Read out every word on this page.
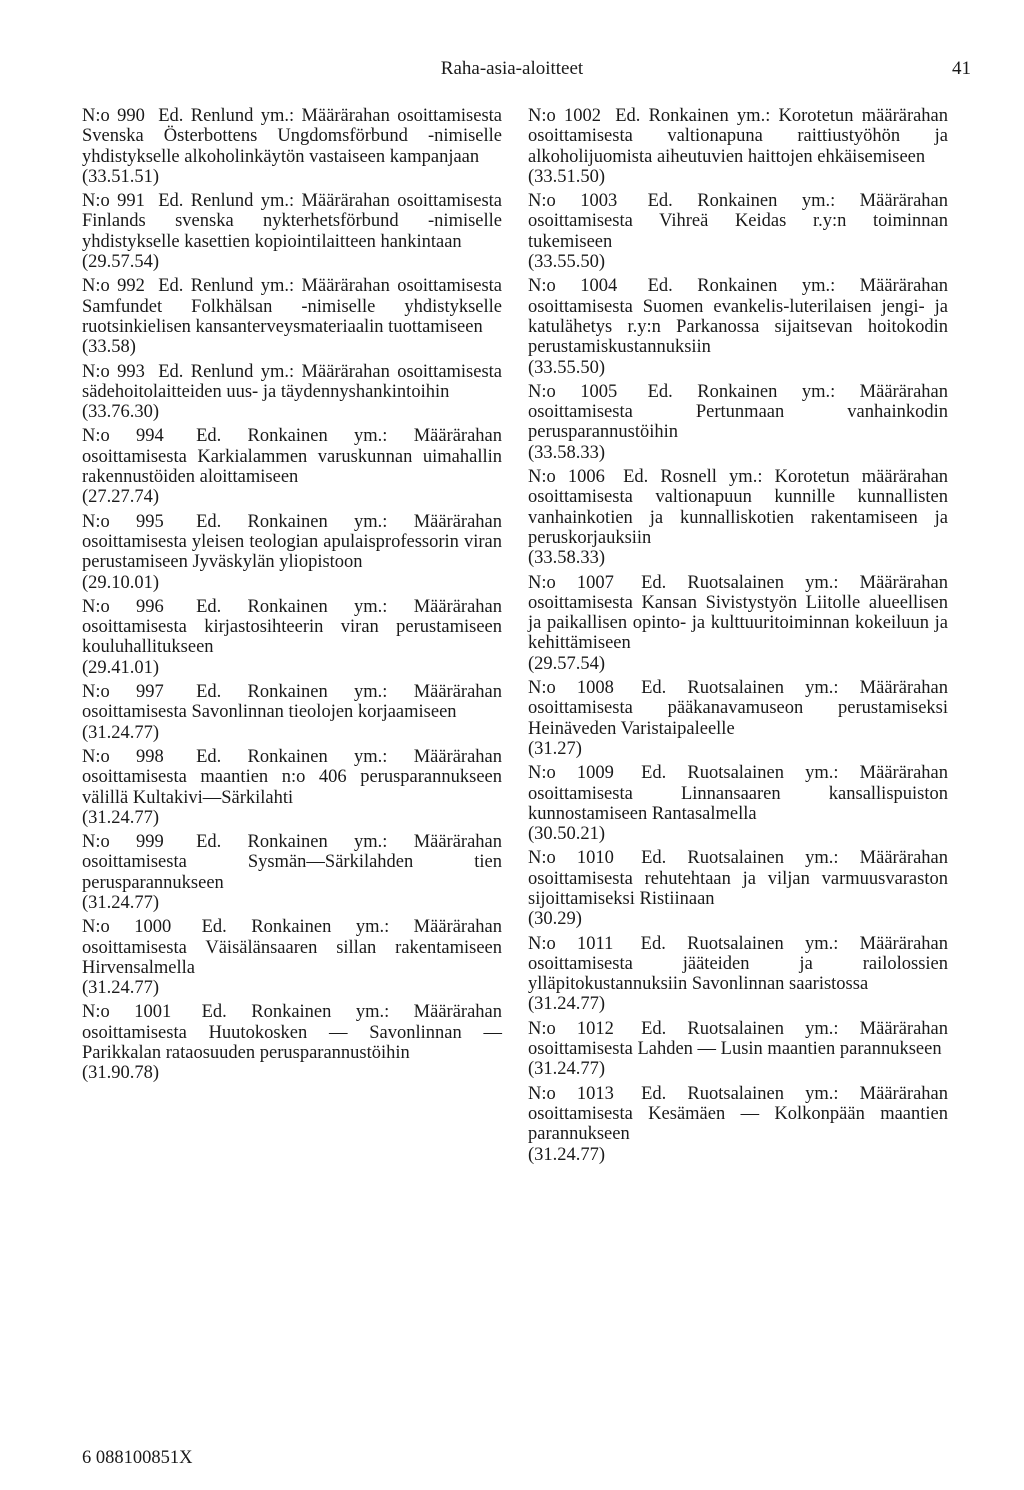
Raha-asia-aloitteet	41
N:o 990 Ed. Renlund ym.: Määrärahan osoittamisesta Svenska Österbottens Ungdomsförbund -nimiselle yhdistykselle alkoholinkäytön vastaiseen kampanjaan
(33.51.51)
N:o 991 Ed. Renlund ym.: Määrärahan osoittamisesta Finlands svenska nykterhetsförbund -nimiselle yhdistykselle kasettien kopiointilaitteen hankintaan
(29.57.54)
N:o 992 Ed. Renlund ym.: Määrärahan osoittamisesta Samfundet Folkhälsan -nimiselle yhdistykselle ruotsinkielisen kansanterveysmateriaalin tuottamiseen
(33.58)
N:o 993 Ed. Renlund ym.: Määrärahan osoittamisesta sädehoitolaitteiden uus- ja täydennyshankintoihin
(33.76.30)
N:o 994 Ed. Ronkainen ym.: Määrärahan osoittamisesta Karkialammen varuskunnan uimahallin rakennustöiden aloittamiseen
(27.27.74)
N:o 995 Ed. Ronkainen ym.: Määrärahan osoittamisesta yleisen teologian apulaisprofessorin viran perustamiseen Jyväskylän yliopistoon
(29.10.01)
N:o 996 Ed. Ronkainen ym.: Määrärahan osoittamisesta kirjastosihteerin viran perustamiseen kouluhallitukseen
(29.41.01)
N:o 997 Ed. Ronkainen ym.: Määrärahan osoittamisesta Savonlinnan tieolojen korjaamiseen
(31.24.77)
N:o 998 Ed. Ronkainen ym.: Määrärahan osoittamisesta maantien n:o 406 perusparannukseen välillä Kultakivi—Särkilahti
(31.24.77)
N:o 999 Ed. Ronkainen ym.: Määrärahan osoittamisesta Sysmän—Särkilahden tien perusparannukseen
(31.24.77)
N:o 1000 Ed. Ronkainen ym.: Määrärahan osoittamisesta Väisälänsaaren sillan rakentamiseen Hirvensalmella
(31.24.77)
N:o 1001 Ed. Ronkainen ym.: Määrärahan osoittamisesta Huutokosken — Savonlinnan — Parikkalan rataosuuden perusparannustöihin
(31.90.78)
N:o 1002 Ed. Ronkainen ym.: Korotetun määrärahan osoittamisesta valtionapuna raittiustyöhön ja alkoholijuomista aiheutuvien haittojen ehkäisemiseen
(33.51.50)
N:o 1003 Ed. Ronkainen ym.: Määrärahan osoittamisesta Vihreä Keidas r.y:n toiminnan tukemiseen
(33.55.50)
N:o 1004 Ed. Ronkainen ym.: Määrärahan osoittamisesta Suomen evankelis-luterilaisen jengi- ja katulähetys r.y:n Parkanossa sijaitsevan hoitokodin perustamiskustannuksiin
(33.55.50)
N:o 1005 Ed. Ronkainen ym.: Määrärahan osoittamisesta Pertunmaan vanhainkodin perusparannustöihin
(33.58.33)
N:o 1006 Ed. Rosnell ym.: Korotetun määrärahan osoittamisesta valtionapuun kunnille kunnallisten vanhainkotien ja kunnalliskotien rakentamiseen ja peruskorjauksiin
(33.58.33)
N:o 1007 Ed. Ruotsalainen ym.: Määrärahan osoittamisesta Kansan Sivistystyön Liitolle alueellisen ja paikallisen opinto- ja kulttuuritoiminnan kokeiluun ja kehittämiseen
(29.57.54)
N:o 1008 Ed. Ruotsalainen ym.: Määrärahan osoittamisesta pääkanavamuseon perustamiseksi Heinäveden Varistaipaleelle
(31.27)
N:o 1009 Ed. Ruotsalainen ym.: Määrärahan osoittamisesta Linnansaaren kansallispuiston kunnostamiseen Rantasalmella
(30.50.21)
N:o 1010 Ed. Ruotsalainen ym.: Määrärahan osoittamisesta rehutehtaan ja viljan varmuusvaraston sijoittamiseksi Ristiinaan
(30.29)
N:o 1011 Ed. Ruotsalainen ym.: Määrärahan osoittamisesta jääteiden ja railolossien ylläpitokustannuksiin Savonlinnan saaristossa
(31.24.77)
N:o 1012 Ed. Ruotsalainen ym.: Määrärahan osoittamisesta Lahden — Lusin maantien parannukseen
(31.24.77)
N:o 1013 Ed. Ruotsalainen ym.: Määrärahan osoittamisesta Kesämäen — Kolkonpään maantien parannukseen
(31.24.77)
6 088100851X
